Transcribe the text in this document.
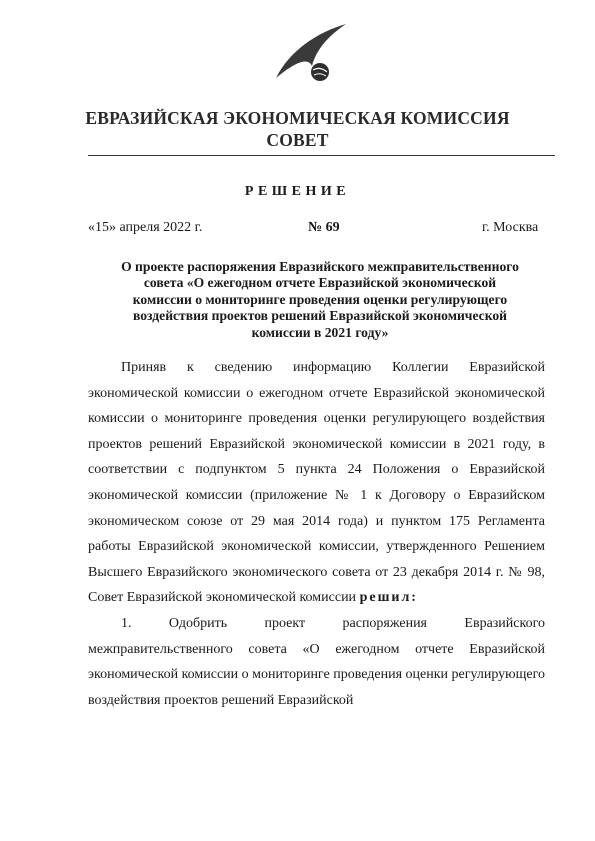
ЕВРАЗИЙСКАЯ ЭКОНОМИЧЕСКАЯ КОМИССИЯ
СОВЕТ
РЕШЕНИЕ
«15» апреля 2022 г.	№ 69	г. Москва
О проекте распоряжения Евразийского межправительственного
совета «О ежегодном отчете Евразийской экономической
комиссии о мониторинге проведения оценки регулирующего
воздействия проектов решений Евразийской экономической
комиссии в 2021 году»

Приняв к сведению информацию Коллегии Евразийской экономической комиссии о ежегодном отчете Евразийской экономической комиссии о мониторинге проведения оценки регулирующего воздействия проектов решений Евразийской экономической комиссии в 2021 году, в соответствии с подпунктом 5 пункта 24 Положения о Евразийской экономической комиссии (приложение № 1 к Договору о Евразийском экономическом союзе от 29 мая 2014 года) и пунктом 175 Регламента работы Евразийской экономической комиссии, утвержденного Решением Высшего Евразийского экономического совета от 23 декабря 2014 г. № 98, Совет Евразийской экономической комиссии решил:

1. Одобрить проект распоряжения Евразийского межправительственного совета «О ежегодном отчете Евразийской экономической комиссии о мониторинге проведения оценки регулирующего воздействия проектов решений Евразийской
